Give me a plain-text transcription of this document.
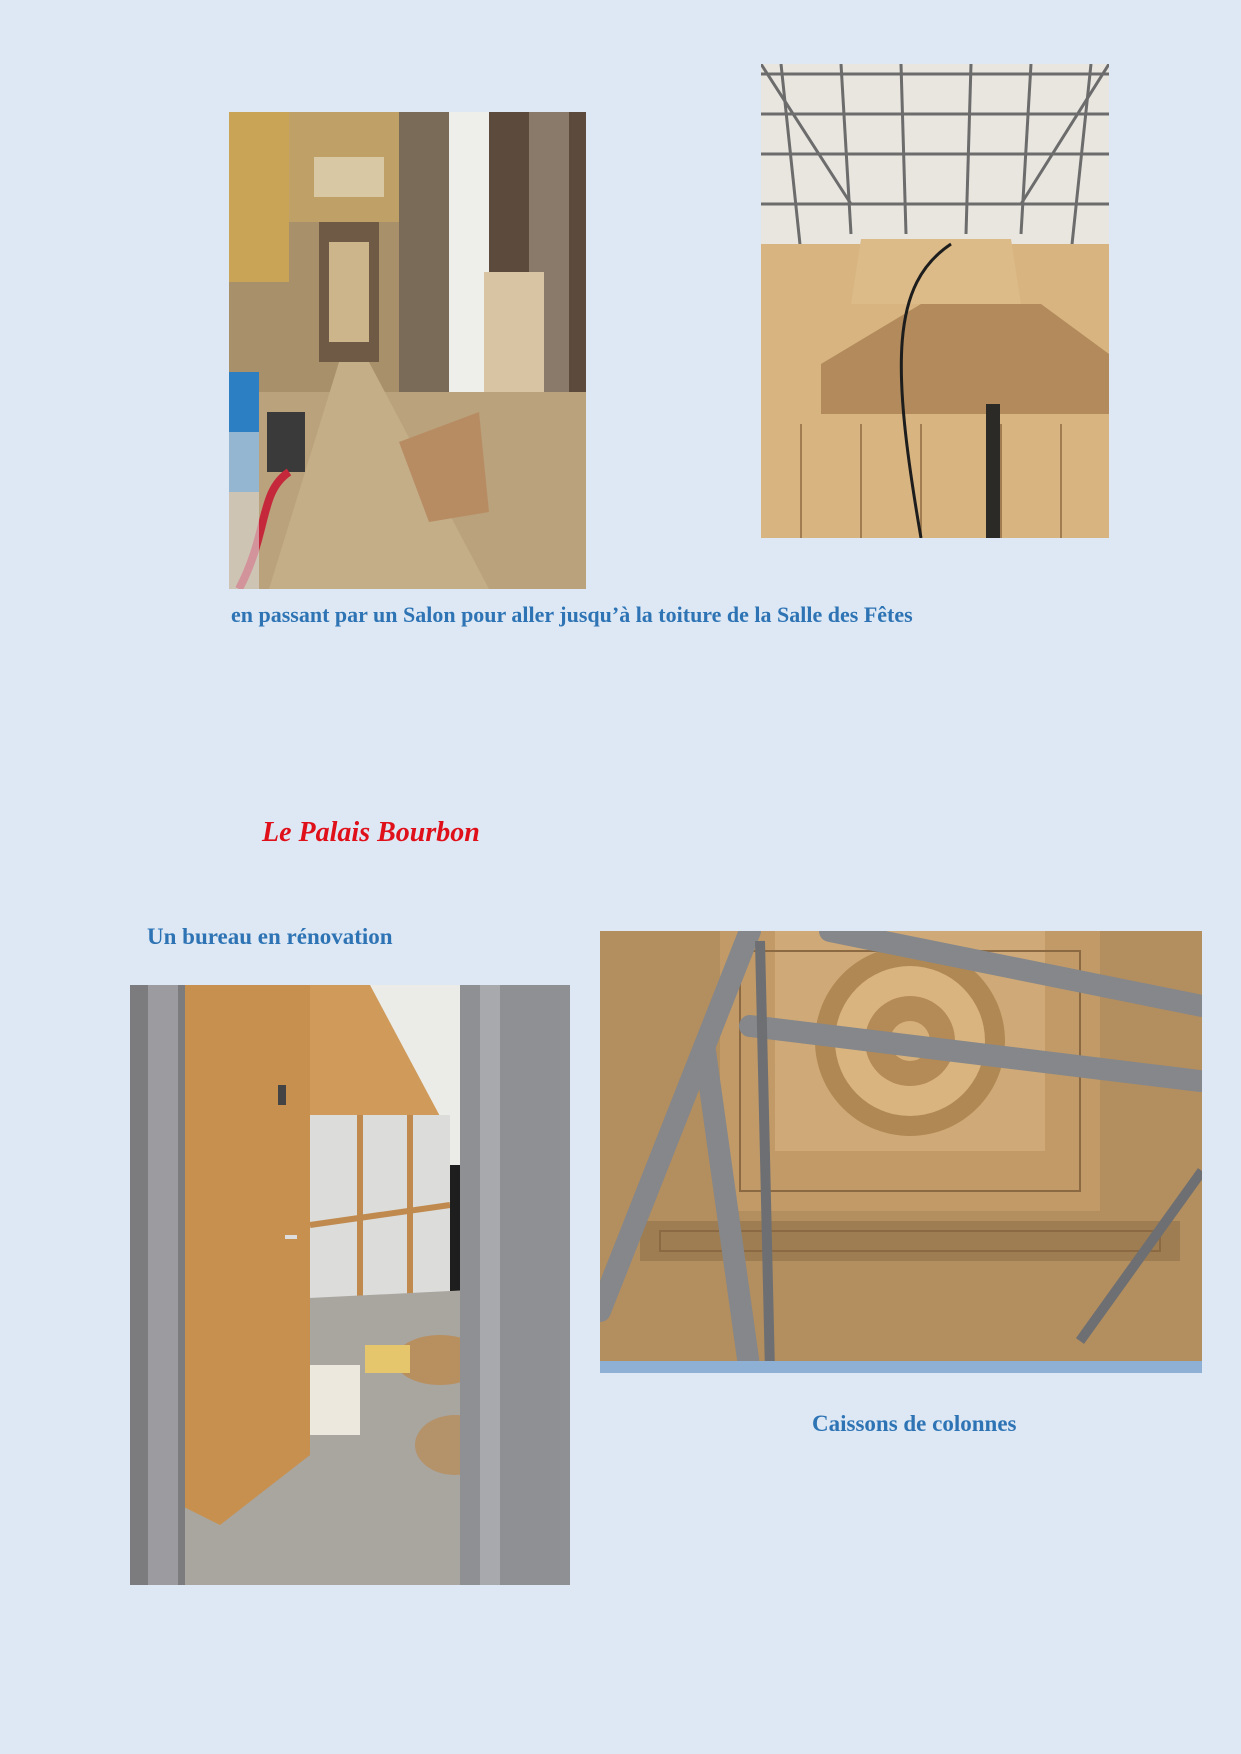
en passant par un Salon pour aller jusqu’à la toiture de la Salle des Fêtes

Le Palais Bourbon

Un bureau en rénovation

Caissons de colonnes
